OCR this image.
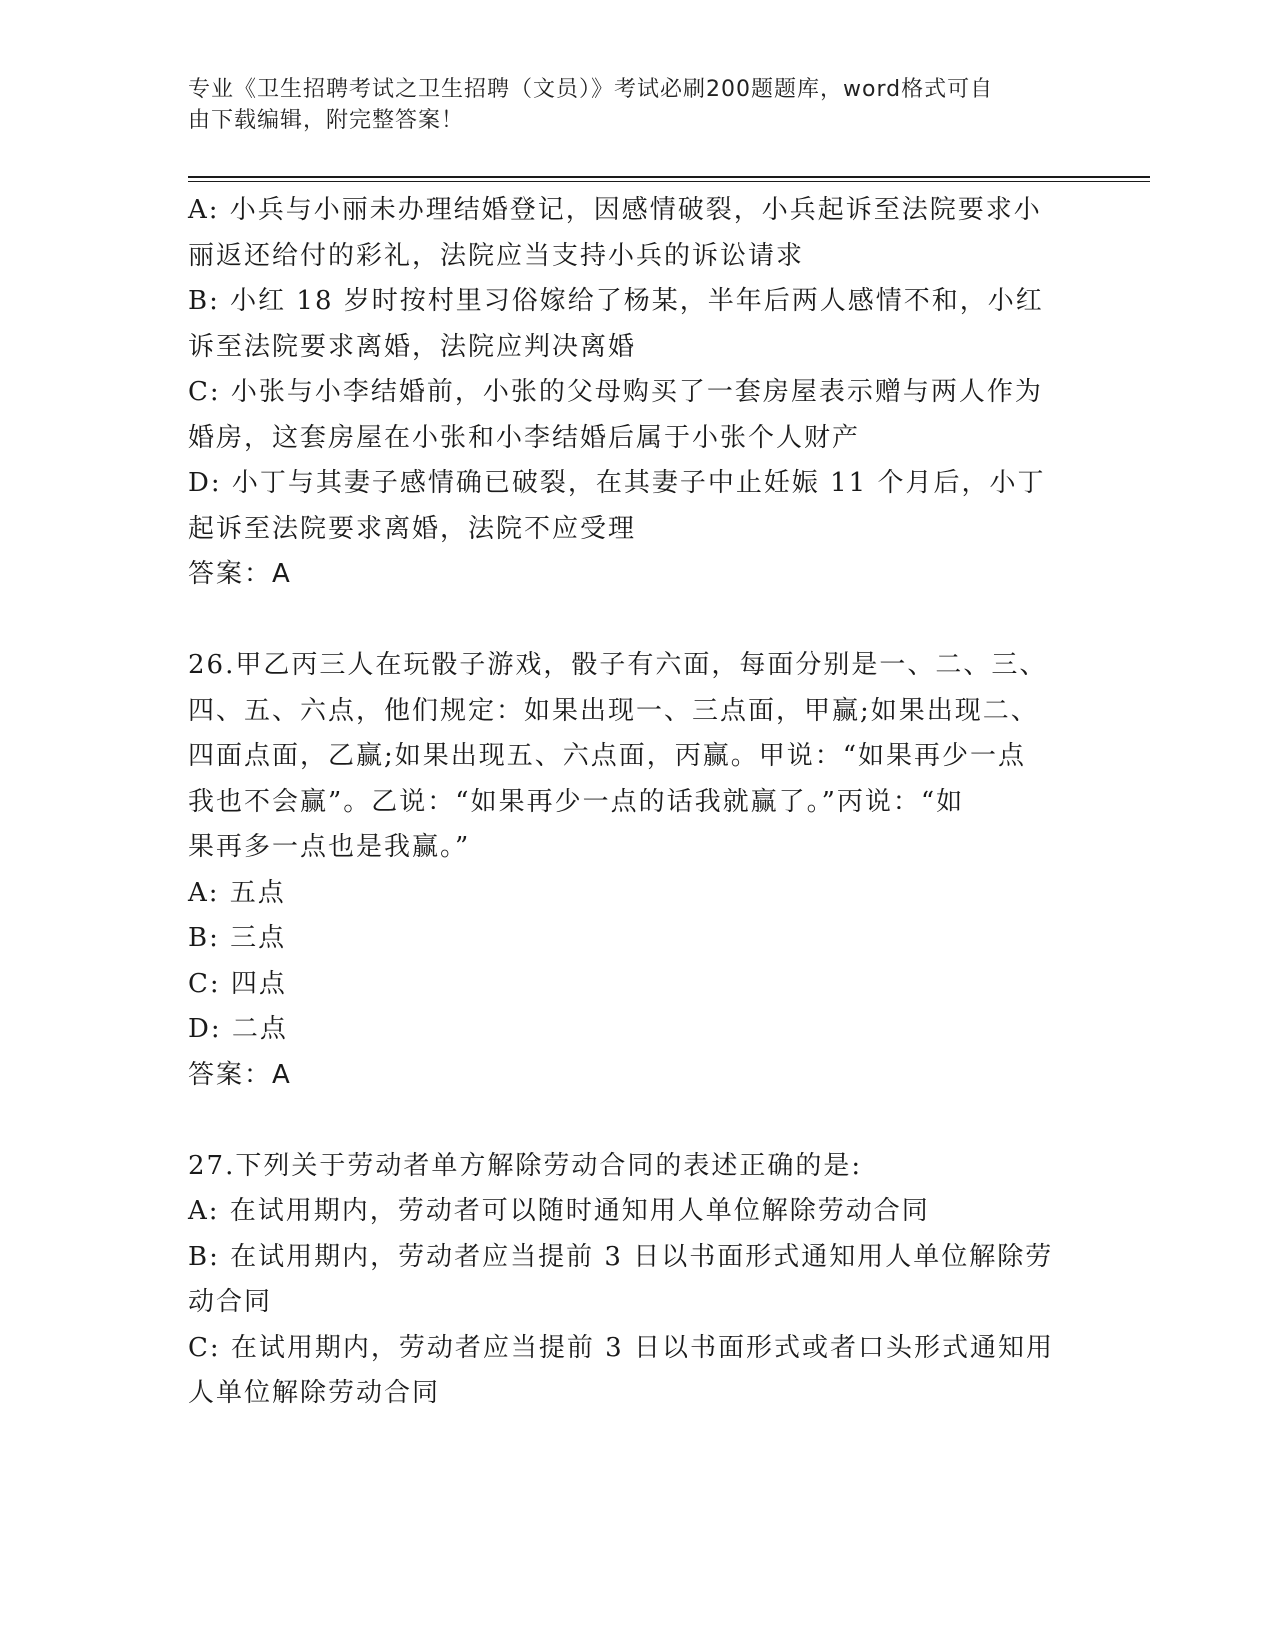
专业《卫生招聘考试之卫生招聘（文员）》考试必刷200题题库，word格式可自
由下载编辑，附完整答案！
A: 小兵与小丽未办理结婚登记，因感情破裂，小兵起诉至法院要求小
丽返还给付的彩礼，法院应当支持小兵的诉讼请求
B: 小红 18 岁时按村里习俗嫁给了杨某，半年后两人感情不和，小红
诉至法院要求离婚，法院应判决离婚
C: 小张与小李结婚前，小张的父母购买了一套房屋表示赠与两人作为
婚房，这套房屋在小张和小李结婚后属于小张个人财产
D: 小丁与其妻子感情确已破裂，在其妻子中止妊娠 11 个月后，小丁
起诉至法院要求离婚，法院不应受理
答案：A
26.甲乙丙三人在玩骰子游戏，骰子有六面，每面分别是一、二、三、
四、五、六点，他们规定：如果出现一、三点面，甲赢;如果出现二、
四面点面，乙赢;如果出现五、六点面，丙赢。甲说：“如果再少一点
我也不会赢”。乙说：“如果再少一点的话我就赢了。”丙说：“如
果再多一点也是我赢。”
A: 五点
B: 三点
C: 四点
D: 二点
答案：A
27.下列关于劳动者单方解除劳动合同的表述正确的是:
A: 在试用期内，劳动者可以随时通知用人单位解除劳动合同
B: 在试用期内，劳动者应当提前 3 日以书面形式通知用人单位解除劳
动合同
C: 在试用期内，劳动者应当提前 3 日以书面形式或者口头形式通知用
人单位解除劳动合同
